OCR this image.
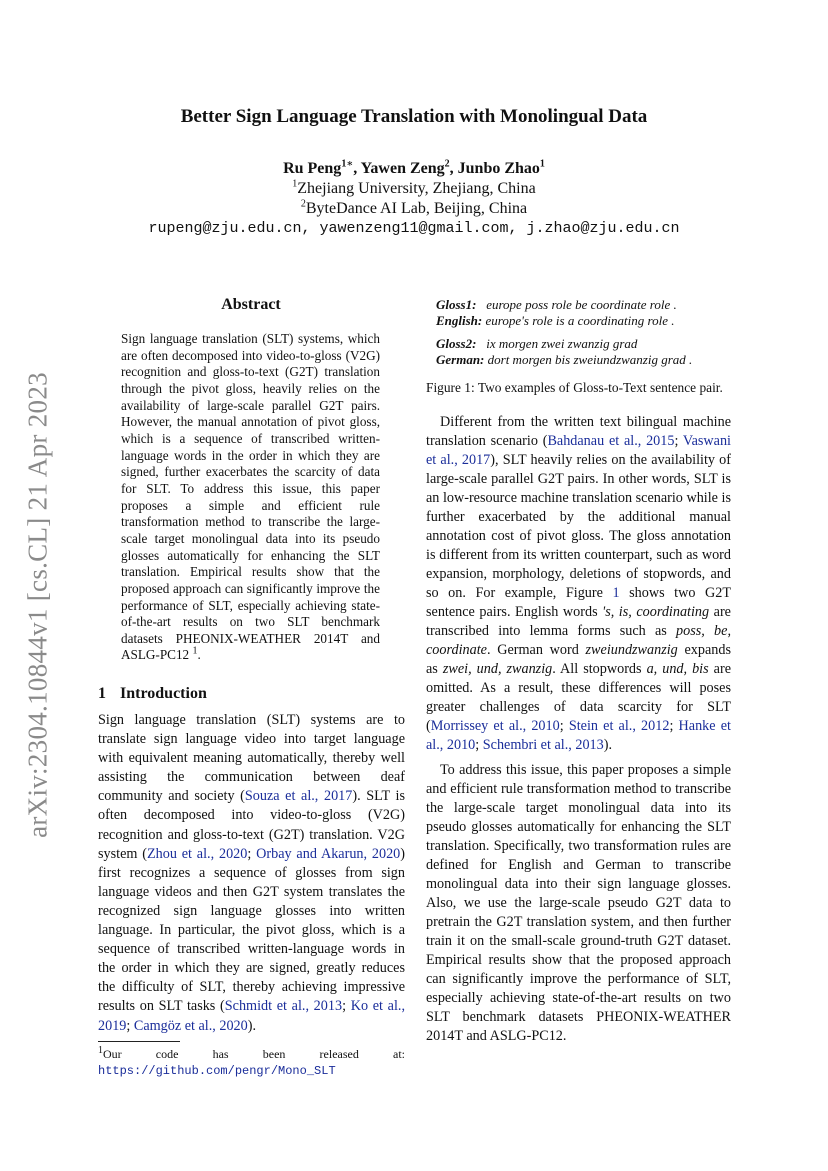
arXiv:2304.10844v1 [cs.CL] 21 Apr 2023
Better Sign Language Translation with Monolingual Data
Ru Peng$^{1∗}$, Yawen Zeng$^2$, Junbo Zhao$^1$
$^1$Zhejiang University, Zhejiang, China
$^2$ByteDance AI Lab, Beijing, China
rupeng@zju.edu.cn, yawenzeng11@gmail.com, j.zhao@zju.edu.cn
Abstract
Sign language translation (SLT) systems, which are often decomposed into video-to-gloss (V2G) recognition and gloss-to-text (G2T) translation through the pivot gloss, heavily relies on the availability of large-scale parallel G2T pairs. However, the manual annotation of pivot gloss, which is a sequence of transcribed written-language words in the order in which they are signed, further exacerbates the scarcity of data for SLT. To address this issue, this paper proposes a simple and efficient rule transformation method to transcribe the large-scale target monolingual data into its pseudo glosses automatically for enhancing the SLT translation. Empirical results show that the proposed approach can significantly improve the performance of SLT, especially achieving state-of-the-art results on two SLT benchmark datasets PHEONIX-WEATHER 2014T and ASLG-PC12 $^1$.
1 Introduction

Sign language translation (SLT) systems are to translate sign language video into target language with equivalent meaning automatically, thereby well assisting the communication between deaf community and society (Souza et al., 2017). SLT is often decomposed into video-to-gloss (V2G) recognition and gloss-to-text (G2T) translation. V2G system (Zhou et al., 2020; Orbay and Akarun, 2020) first recognizes a sequence of glosses from sign language videos and then G2T system translates the recognized sign language glosses into written language. In particular, the pivot gloss, which is a sequence of transcribed written-language words in the order in which they are signed, greatly reduces the difficulty of SLT, thereby achieving impressive results on SLT tasks (Schmidt et al., 2013; Ko et al., 2019; Camgöz et al., 2020).

$^1$Our code has been released at: https://github.com/pengr/Mono_SLT
Gloss1: europe poss role be coordinate role .
English: europe's role is a coordinating role .
Gloss2: ix morgen zwei zwanzig grad
German: dort morgen bis zweiundzwanzig grad .
Figure 1: Two examples of Gloss-to-Text sentence pair.

Different from the written text bilingual machine translation scenario (Bahdanau et al., 2015; Vaswani et al., 2017), SLT heavily relies on the availability of large-scale parallel G2T pairs. In other words, SLT is an low-resource machine translation scenario while is further exacerbated by the additional manual annotation cost of pivot gloss. The gloss annotation is different from its written counterpart, such as word expansion, morphology, deletions of stopwords, and so on. For example, Figure 1 shows two G2T sentence pairs. English words 's, is, coordinating are transcribed into lemma forms such as poss, be, coordinate. German word zweiundzwanzig expands as zwei, und, zwanzig. All stopwords a, und, bis are omitted. As a result, these differences will poses greater challenges of data scarcity for SLT (Morrissey et al., 2010; Stein et al., 2012; Hanke et al., 2010; Schembri et al., 2013).

To address this issue, this paper proposes a simple and efficient rule transformation method to transcribe the large-scale target monolingual data into its pseudo glosses automatically for enhancing the SLT translation. Specifically, two transformation rules are defined for English and German to transcribe monolingual data into their sign language glosses. Also, we use the large-scale pseudo G2T data to pretrain the G2T translation system, and then further train it on the small-scale ground-truth G2T dataset. Empirical results show that the proposed approach can significantly improve the performance of SLT, especially achieving state-of-the-art results on two SLT benchmark datasets PHEONIX-WEATHER 2014T and ASLG-PC12.
